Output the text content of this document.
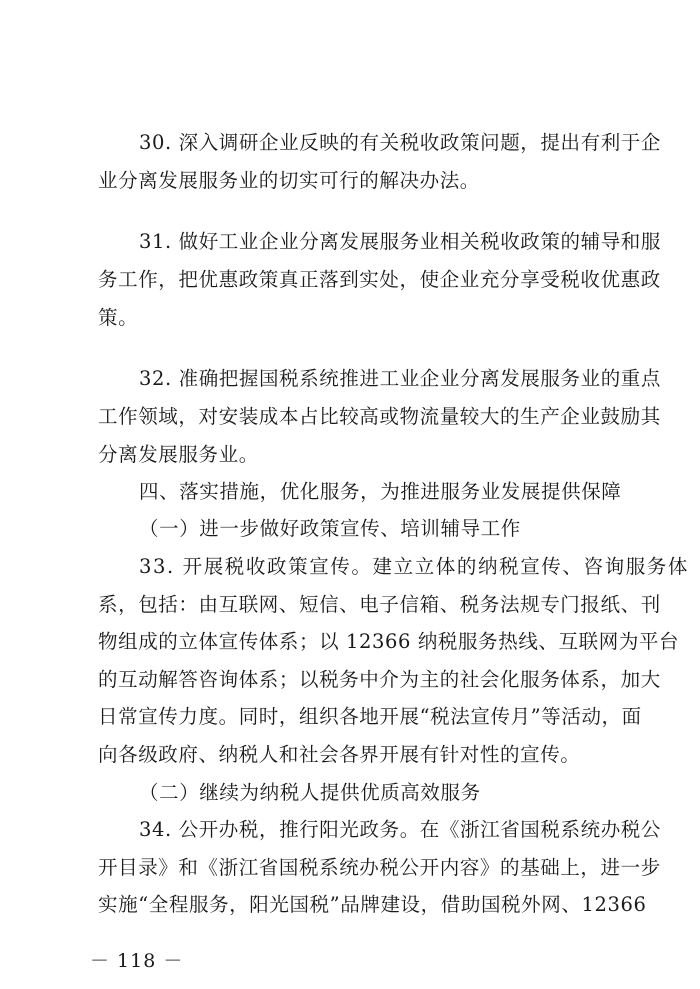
30. 深入调研企业反映的有关税收政策问题，提出有利于企
业分离发展服务业的切实可行的解决办法。
31. 做好工业企业分离发展服务业相关税收政策的辅导和服
务工作，把优惠政策真正落到实处，使企业充分享受税收优惠政
策。
32. 准确把握国税系统推进工业企业分离发展服务业的重点
工作领域，对安装成本占比较高或物流量较大的生产企业鼓励其
分离发展服务业。
四、落实措施，优化服务，为推进服务业发展提供保障
（一）进一步做好政策宣传、培训辅导工作
33. 开展税收政策宣传。建立立体的纳税宣传、咨询服务体
系，包括：由互联网、短信、电子信箱、税务法规专门报纸、刊
物组成的立体宣传体系；以 12366 纳税服务热线、互联网为平台
的互动解答咨询体系；以税务中介为主的社会化服务体系，加大
日常宣传力度。同时，组织各地开展“税法宣传月”等活动，面
向各级政府、纳税人和社会各界开展有针对性的宣传。
（二）继续为纳税人提供优质高效服务
34. 公开办税，推行阳光政务。在《浙江省国税系统办税公
开目录》和《浙江省国税系统办税公开内容》的基础上，进一步
实施“全程服务，阳光国税”品牌建设，借助国税外网、12366
－ 118 －
